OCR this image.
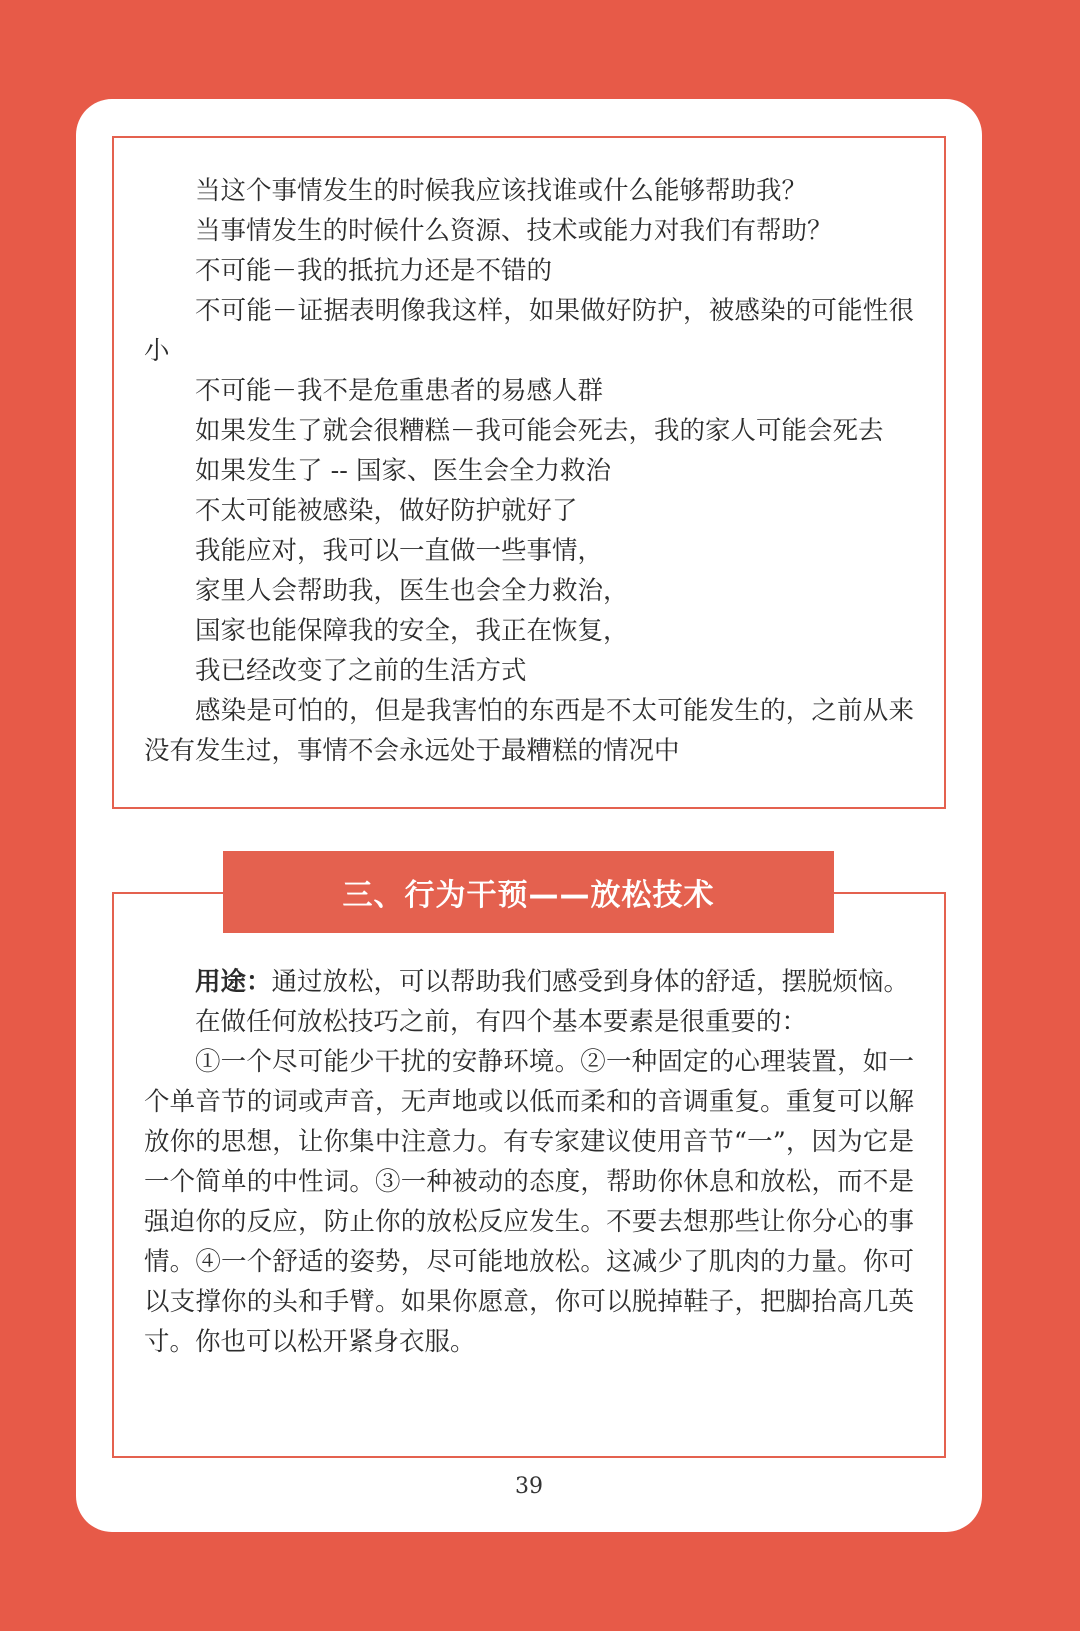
当这个事情发生的时候我应该找谁或什么能够帮助我？

当事情发生的时候什么资源、技术或能力对我们有帮助？

不可能－我的抵抗力还是不错的

不可能－证据表明像我这样，如果做好防护，被感染的可能性很小

不可能－我不是危重患者的易感人群

如果发生了就会很糟糕－我可能会死去，我的家人可能会死去

如果发生了 -- 国家、医生会全力救治

不太可能被感染，做好防护就好了

我能应对，我可以一直做一些事情，

家里人会帮助我，医生也会全力救治，

国家也能保障我的安全，我正在恢复，

我已经改变了之前的生活方式

感染是可怕的，但是我害怕的东西是不太可能发生的，之前从来没有发生过，事情不会永远处于最糟糕的情况中

用途：通过放松，可以帮助我们感受到身体的舒适，摆脱烦恼。

在做任何放松技巧之前，有四个基本要素是很重要的：

①一个尽可能少干扰的安静环境。②一种固定的心理装置，如一个单音节的词或声音，无声地或以低而柔和的音调重复。重复可以解放你的思想，让你集中注意力。有专家建议使用音节“一”，因为它是一个简单的中性词。③一种被动的态度，帮助你休息和放松，而不是强迫你的反应，防止你的放松反应发生。不要去想那些让你分心的事情。④一个舒适的姿势，尽可能地放松。这减少了肌肉的力量。你可以支撑你的头和手臂。如果你愿意，你可以脱掉鞋子，把脚抬高几英寸。你也可以松开紧身衣服。

三、行为干预——放松技术
39
